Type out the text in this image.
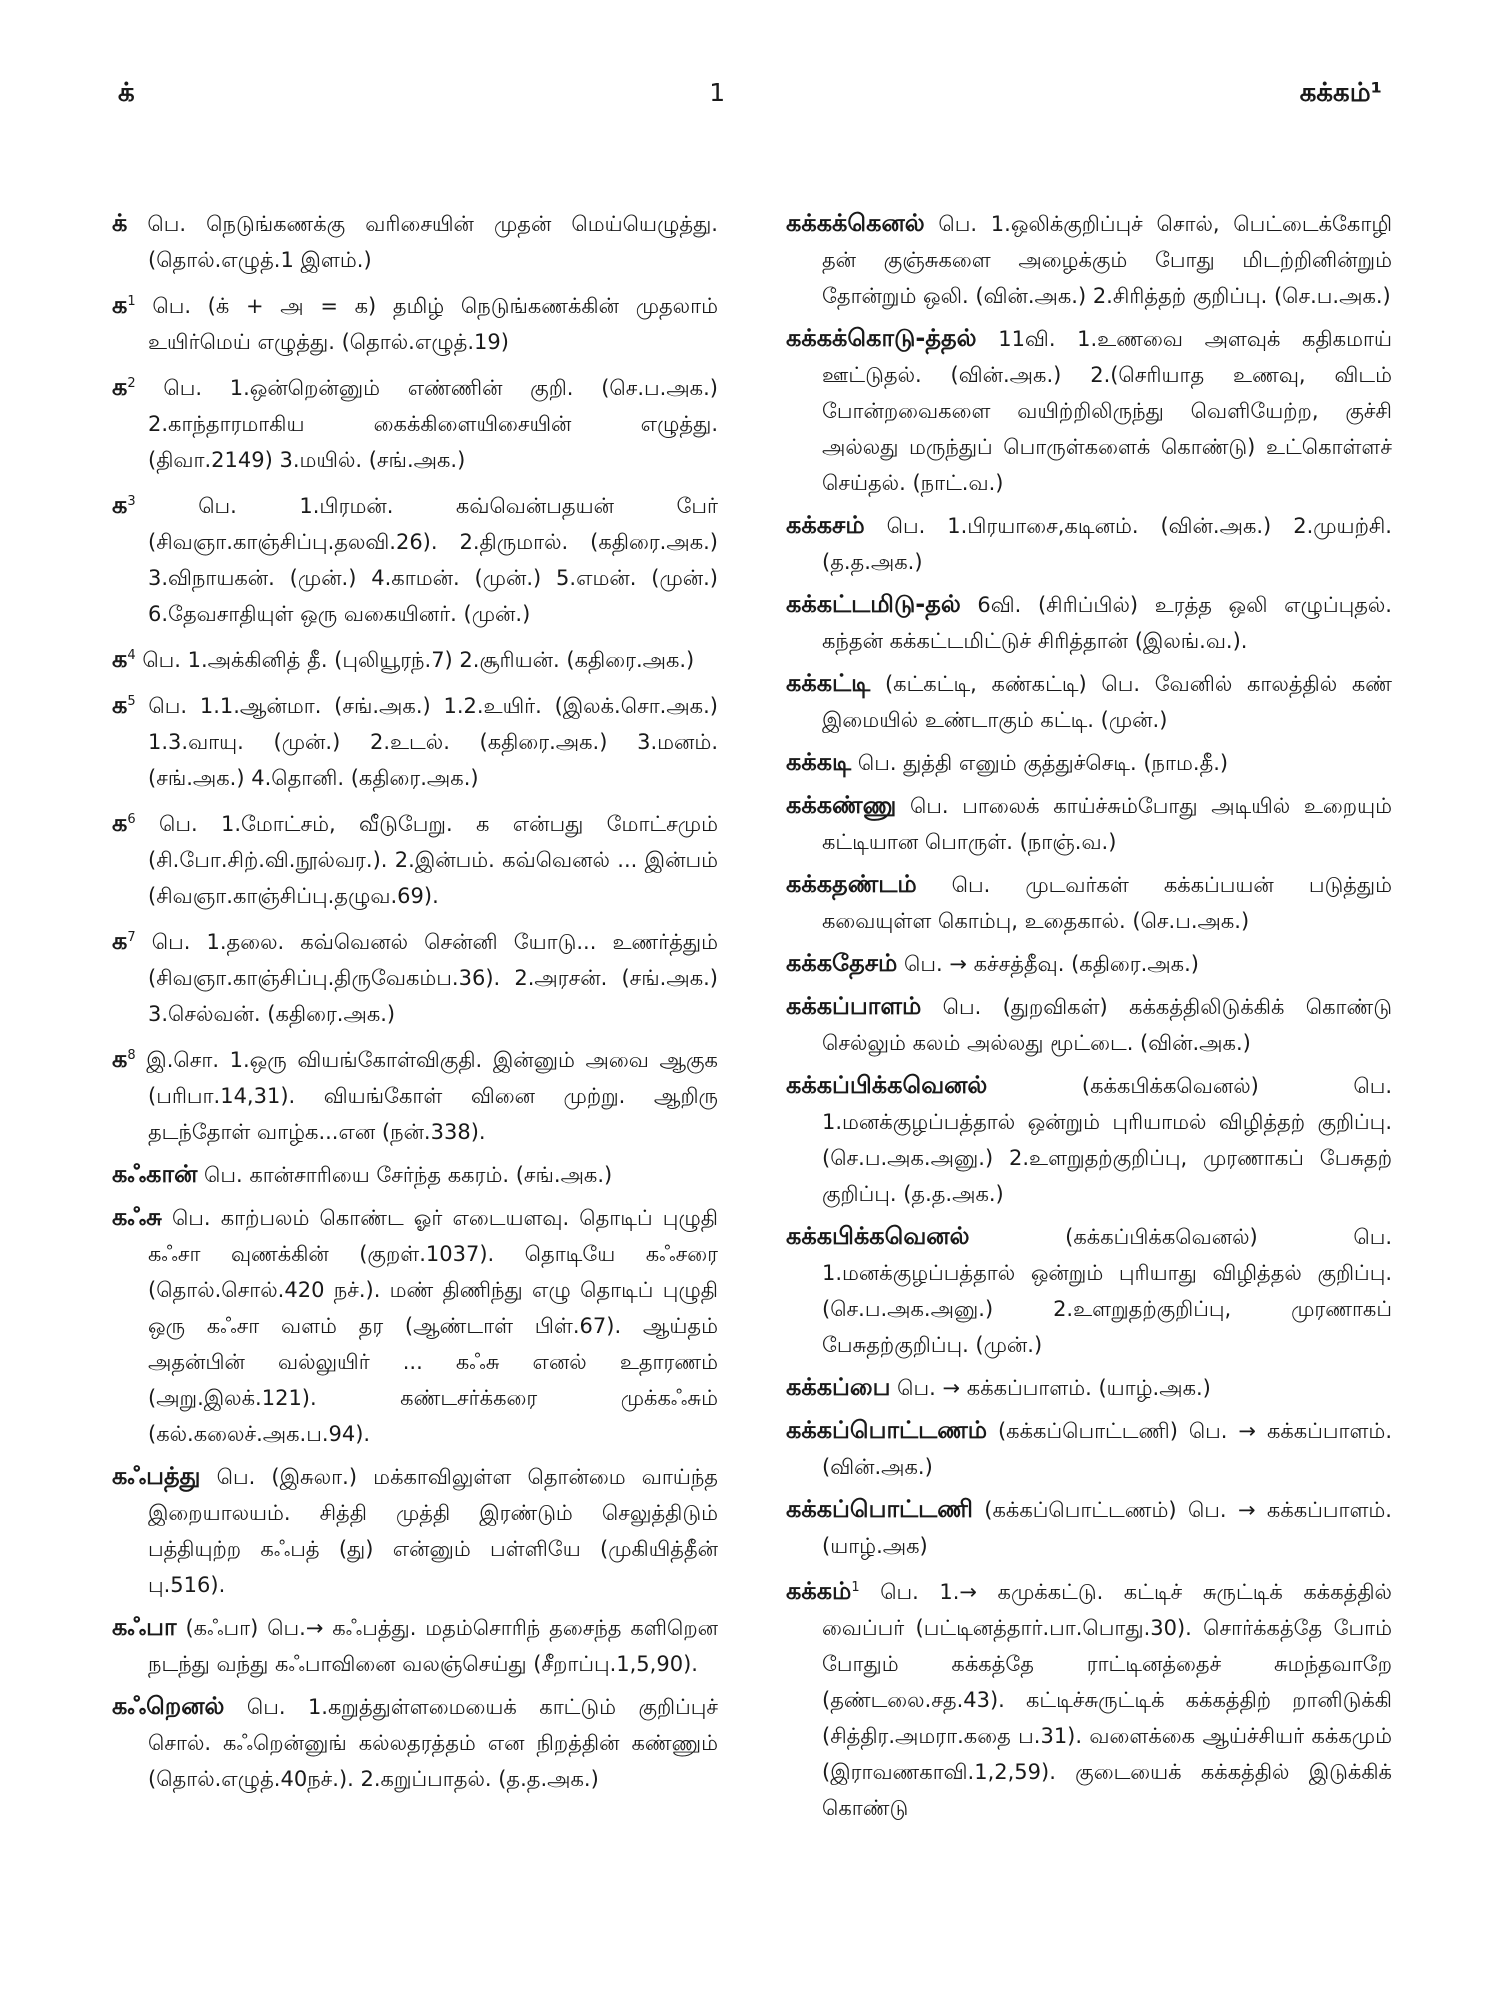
க்	1	கக்கம்¹

க் பெ. நெடுங்கணக்கு வரிசையின் முதன் மெய்யெழுத்து. (தொல்.எழுத்.1 இளம்.)

க$^1$ பெ. (க் + அ = க) தமிழ் நெடுங்கணக்கின் முதலாம் உயிர்மெய் எழுத்து. (தொல்.எழுத்.19)

க$^2$ பெ. 1.ஒன்றென்னும் எண்ணின் குறி. (செ.ப.அக.) 2.காந்தாரமாகிய கைக்கிளையிசையின் எழுத்து. (திவா.2149) 3.மயில். (சங்.அக.)

க$^3$	பெ. 1.பிரமன். கவ்வென்பதயன் பேர் (சிவஞா.காஞ்சிப்பு.தலவி.26). 2.திருமால். (கதிரை.அக.) 3.விநாயகன். (முன்.) 4.காமன். (முன்.) 5.எமன். (முன்.) 6.தேவசாதியுள் ஒரு வகையினர். (முன்.)

க$^4$ பெ. 1.அக்கினித் தீ. (புலியூரந்.7) 2.சூரியன். (கதிரை.அக.)

க$^5$ பெ. 1.1.ஆன்மா. (சங்.அக.) 1.2.உயிர். (இலக்.சொ.அக.) 1.3.வாயு. (முன்.) 2.உடல். (கதிரை.அக.) 3.மனம். (சங்.அக.) 4.தொனி. (கதிரை.அக.)

க$^6$ பெ. 1.மோட்சம், வீடுபேறு. க என்பது மோட்சமும் (சி.போ.சிற்.வி.நூல்வர.). 2.இன்பம். கவ்வெனல் ... இன்பம் (சிவஞா.காஞ்சிப்பு.தழுவ.69).

க$^7$ பெ. 1.தலை. கவ்வெனல் சென்னி யோடு... உணர்த்தும் (சிவஞா.காஞ்சிப்பு.திருவேகம்ப.36). 2.அரசன். (சங்.அக.) 3.செல்வன். (கதிரை.அக.)

க$^8$ இ.சொ. 1.ஒரு வியங்கோள்விகுதி. இன்னும் அவை ஆகுக (பரிபா.14,31). வியங்கோள் வினை முற்று. ஆறிரு தடந்தோள் வாழ்க...என (நன்.338).

கஃகான் பெ. கான்சாரியை சேர்ந்த ககரம். (சங்.அக.)

கஃசு பெ. காற்பலம் கொண்ட ஓர் எடையளவு. தொடிப் புழுதி கஃசா வுணக்கின் (குறள்.1037). தொடியே கஃசரை (தொல்.சொல்.420 நச்.). மண் திணிந்து எழு தொடிப் புழுதி ஒரு கஃசா வளம் தர (ஆண்டாள் பிள்.67). ஆய்தம் அதன்பின் வல்லுயிர் ... கஃசு எனல் உதாரணம் (அறு.இலக்.121). கண்டசர்க்கரை முக்கஃசும் (கல்.கலைச்.அக.ப.94).

கஃபத்து பெ. (இசுலா.) மக்காவிலுள்ள தொன்மை வாய்ந்த இறையாலயம். சித்தி முத்தி இரண்டும் செலுத்திடும் பத்தியுற்ற கஃபத் (து) என்னும் பள்ளியே (முகியித்தீன் பு.516).

கஃபா (கஃபா) பெ.→ கஃபத்து. மதம்சொரிந் தசைந்த களிறென நடந்து வந்து கஃபாவினை வலஞ்செய்து (சீறாப்பு.1,5,90).

கஃறெனல் பெ. 1.கறுத்துள்ளமையைக் காட்டும் குறிப்புச் சொல். கஃறென்னுங் கல்லதரத்தம் என நிறத்தின் கண்ணும் (தொல்.எழுத்.40நச்.). 2.கறுப்பாதல். (த.த.அக.)

கக்கக்கெனல் பெ. 1.ஒலிக்குறிப்புச் சொல், பெட்டைக்கோழி தன் குஞ்சுகளை அழைக்கும் போது மிடற்றினின்றும் தோன்றும் ஒலி. (வின்.அக.) 2.சிரித்தற் குறிப்பு. (செ.ப.அக.)

கக்கக்கொடு-த்தல் 11வி. 1.உணவை அளவுக் கதிகமாய் ஊட்டுதல். (வின்.அக.) 2.(செரியாத உணவு, விடம் போன்றவைகளை வயிற்றிலிருந்து வெளியேற்ற, குச்சி அல்லது மருந்துப் பொருள்களைக் கொண்டு) உட்கொள்ளச் செய்தல். (நாட்.வ.)

கக்கசம் பெ. 1.பிரயாசை,கடினம். (வின்.அக.) 2.முயற்சி. (த.த.அக.)

கக்கட்டமிடு-தல் 6வி. (சிரிப்பில்) உரத்த ஒலி எழுப்புதல். கந்தன் கக்கட்டமிட்டுச் சிரித்தான் (இலங்.வ.).

கக்கட்டி (கட்கட்டி, கண்கட்டி) பெ. வேனில் காலத்தில் கண் இமையில் உண்டாகும் கட்டி. (முன்.)

கக்கடி பெ. துத்தி எனும் குத்துச்செடி. (நாம.தீ.)

கக்கண்ணு பெ. பாலைக் காய்ச்சும்போது அடியில் உறையும் கட்டியான பொருள். (நாஞ்.வ.)

கக்கதண்டம் பெ. முடவர்கள் கக்கப்பயன் படுத்தும் கவையுள்ள கொம்பு, உதைகால். (செ.ப.அக.)

கக்கதேசம் பெ. → கச்சத்தீவு. (கதிரை.அக.)

கக்கப்பாளம் பெ. (துறவிகள்) கக்கத்திலிடுக்கிக் கொண்டு செல்லும் கலம் அல்லது மூட்டை. (வின்.அக.)

கக்கப்பிக்கவெனல்	(கக்கபிக்கவெனல்) பெ. 1.மனக்குழப்பத்தால் ஒன்றும் புரியாமல் விழித்தற் குறிப்பு. (செ.ப.அக.அனு.) 2.உளறுதற்குறிப்பு, முரணாகப் பேசுதற் குறிப்பு. (த.த.அக.)

கக்கபிக்கவெனல்	(கக்கப்பிக்கவெனல்) பெ. 1.மனக்குழப்பத்தால் ஒன்றும் புரியாது விழித்தல் குறிப்பு. (செ.ப.அக.அனு.) 2.உளறுதற்குறிப்பு, முரணாகப் பேசுதற்குறிப்பு. (முன்.)

கக்கப்பை பெ. → கக்கப்பாளம். (யாழ்.அக.)

கக்கப்பொட்டணம் (கக்கப்பொட்டணி) பெ. → கக்கப்பாளம். (வின்.அக.)

கக்கப்பொட்டணி (கக்கப்பொட்டணம்) பெ. → கக்கப்பாளம். (யாழ்.அக)

கக்கம்$^1$ பெ. 1.→ கமுக்கட்டு. கட்டிச் சுருட்டிக் கக்கத்தில் வைப்பர் (பட்டினத்தார்.பா.பொது.30). சொர்க்கத்தே போம் போதும் கக்கத்தே ராட்டினத்தைச் சுமந்தவாறே (தண்டலை.சத.43). கட்டிச்சுருட்டிக் கக்கத்திற் றானிடுக்கி (சித்திர.அமரா.கதை ப.31). வளைக்கை ஆய்ச்சியர் கக்கமும் (இராவணகாவி.1,2,59). குடையைக் கக்கத்தில் இடுக்கிக் கொண்டு
